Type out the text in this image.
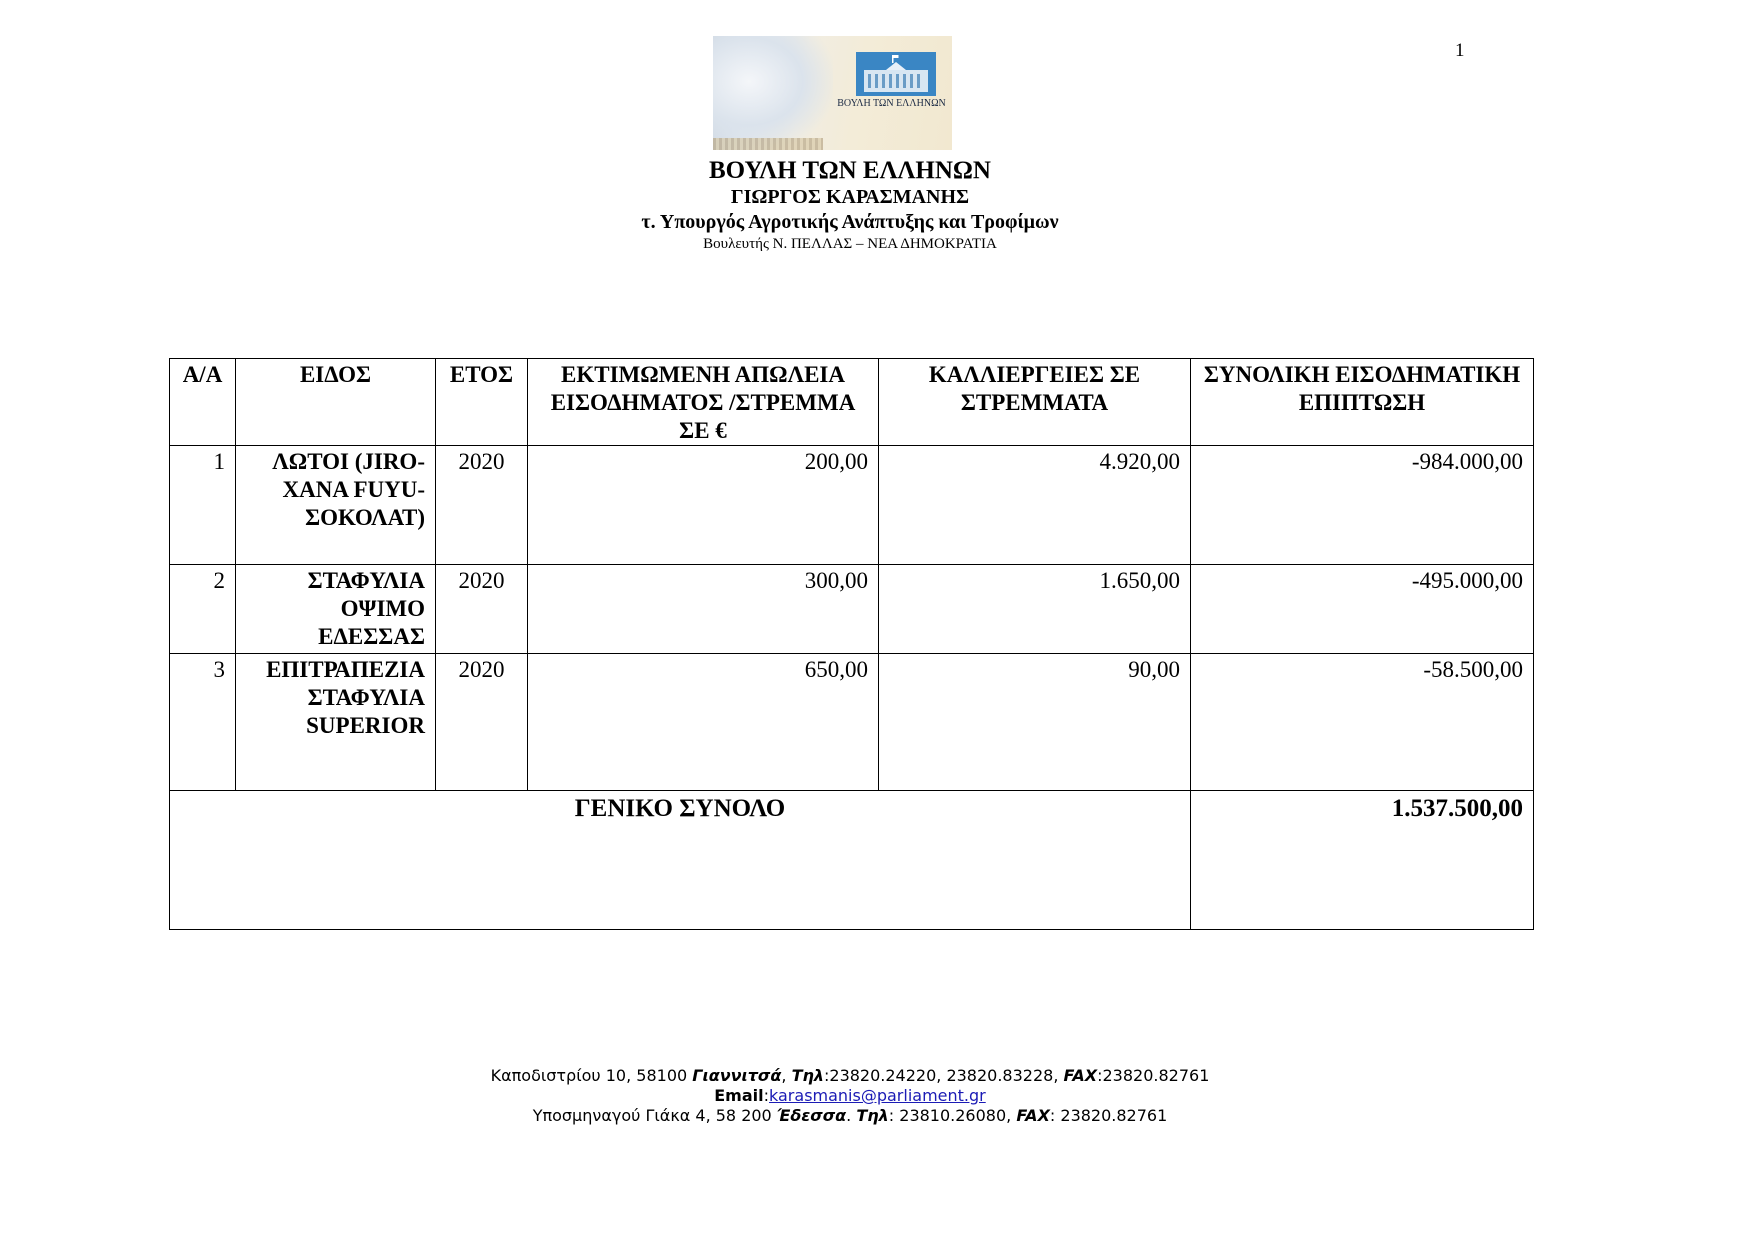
1
ΒΟΥΛΗ ΤΩΝ ΕΛΛΗΝΩΝ
ΒΟΥΛΗ ΤΩΝ ΕΛΛΗΝΩΝ
ΓΙΩΡΓΟΣ ΚΑΡΑΣΜΑΝΗΣ
τ. Υπουργός Αγροτικής Ανάπτυξης και Τροφίμων
Βουλευτής Ν. ΠΕΛΛΑΣ – ΝΕΑ ΔΗΜΟΚΡΑΤΙΑ
Α/Α	ΕΙΔΟΣ	ΕΤΟΣ	ΕΚΤΙΜΩΜΕΝΗ ΑΠΩΛΕΙΑ ΕΙΣΟΔΗΜΑΤΟΣ /ΣΤΡΕΜΜΑ ΣΕ €	ΚΑΛΛΙΕΡΓΕΙΕΣ ΣΕ ΣΤΡΕΜΜΑΤΑ	ΣΥΝΟΛΙΚΗ ΕΙΣΟΔΗΜΑΤΙΚΗ ΕΠΙΠΤΩΣΗ
1	ΛΩΤΟΙ (JIRO-ΧΑΝΑ FUYU-ΣΟΚΟΛΑΤ)	2020	200,00	4.920,00	-984.000,00
2	ΣΤΑΦΥΛΙΑ ΟΨΙΜΟ ΕΔΕΣΣΑΣ	2020	300,00	1.650,00	-495.000,00
3	ΕΠΙΤΡΑΠΕΖΙΑ ΣΤΑΦΥΛΙΑ SUPERIOR	2020	650,00	90,00	-58.500,00
ΓΕΝΙΚΟ ΣΥΝΟΛΟ					1.537.500,00
Καποδιστρίου 10, 58100 Γιαννιτσά, Τηλ:23820.24220, 23820.83228, FAX:23820.82761
Email:karasmanis@parliament.gr
Υποσμηναγού Γιάκα 4, 58 200 Έδεσσα. Τηλ: 23810.26080, FAX: 23820.82761
